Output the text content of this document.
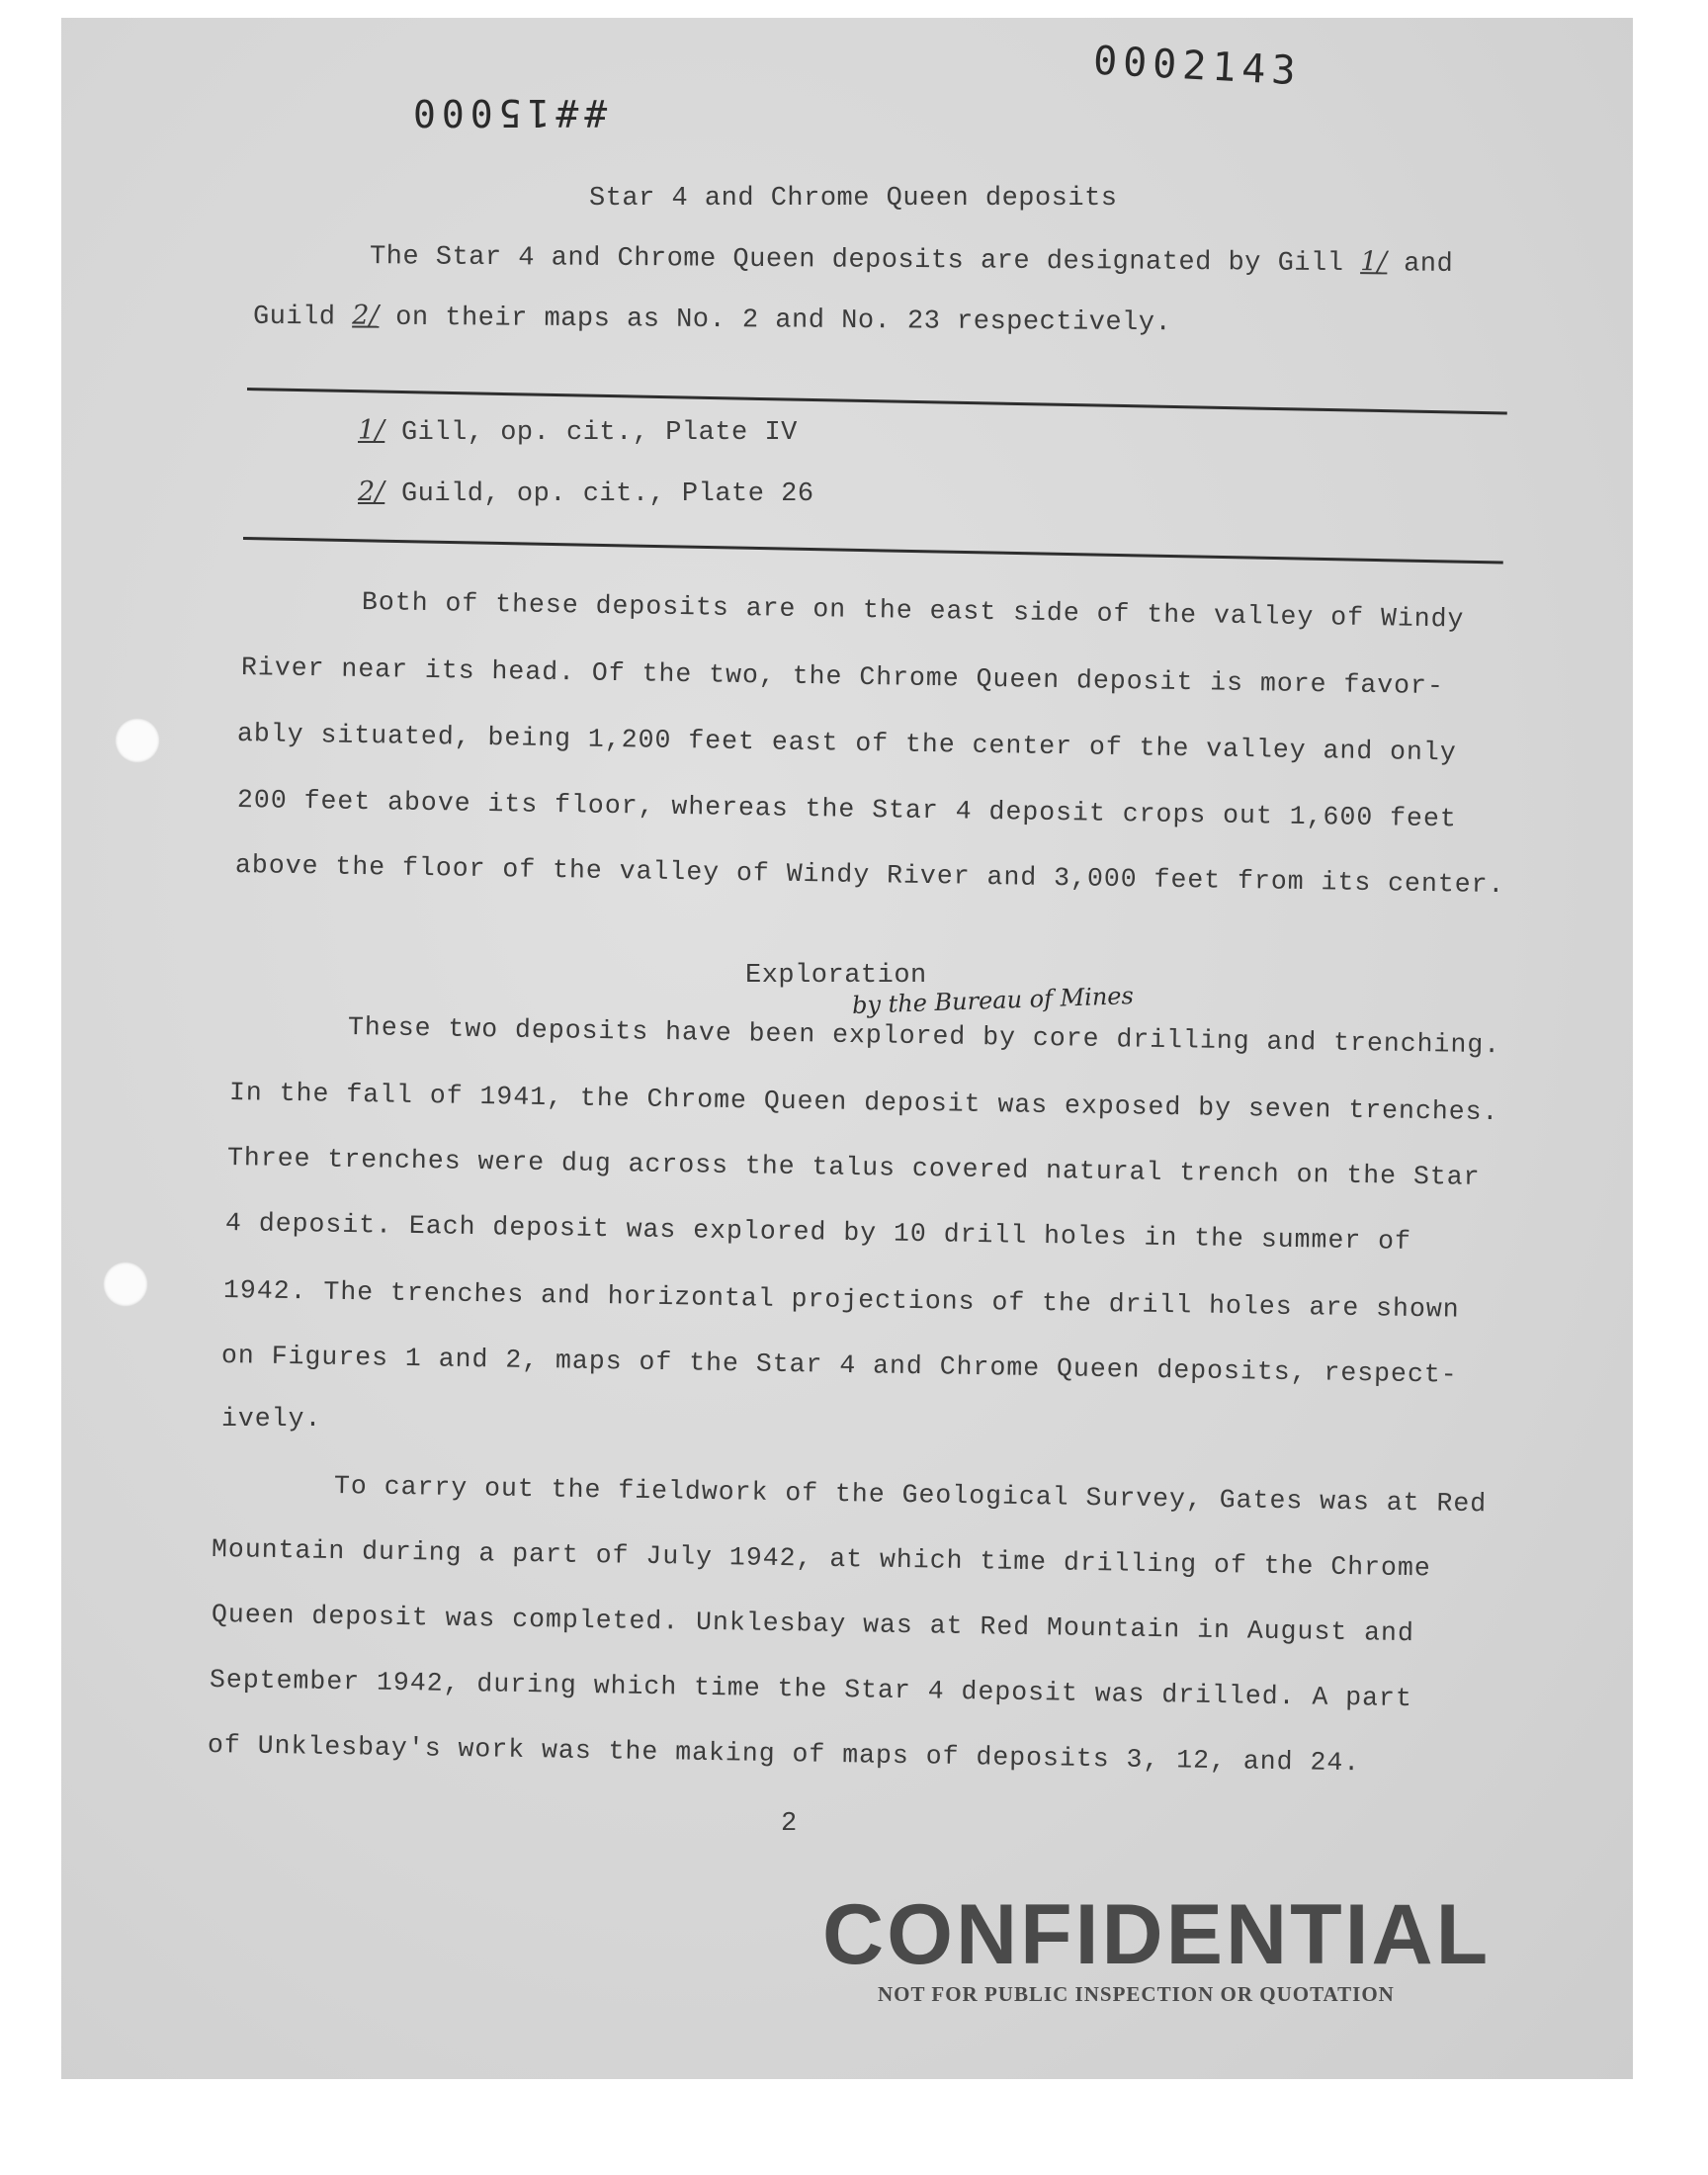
0002143
##15000
Star 4 and Chrome Queen deposits
The Star 4 and Chrome Queen deposits are designated by Gill 1/ and
Guild 2/ on their maps as No. 2 and No. 23 respectively.
1/ Gill, op. cit., Plate IV
2/ Guild, op. cit., Plate 26
Both of these deposits are on the east side of the valley of Windy
River near its head. Of the two, the Chrome Queen deposit is more favor-
ably situated, being 1,200 feet east of the center of the valley and only
200 feet above its floor, whereas the Star 4 deposit crops out 1,600 feet
above the floor of the valley of Windy River and 3,000 feet from its center.
Exploration
by the Bureau of Mines
These two deposits have been explored by core drilling and trenching.
In the fall of 1941, the Chrome Queen deposit was exposed by seven trenches.
Three trenches were dug across the talus covered natural trench on the Star
4 deposit. Each deposit was explored by 10 drill holes in the summer of
1942. The trenches and horizontal projections of the drill holes are shown
on Figures 1 and 2, maps of the Star 4 and Chrome Queen deposits, respect-
ively.
To carry out the fieldwork of the Geological Survey, Gates was at Red
Mountain during a part of July 1942, at which time drilling of the Chrome
Queen deposit was completed. Unklesbay was at Red Mountain in August and
September 1942, during which time the Star 4 deposit was drilled. A part
of Unklesbay's work was the making of maps of deposits 3, 12, and 24.
2
CONFIDENTIAL
NOT FOR PUBLIC INSPECTION OR QUOTATION
